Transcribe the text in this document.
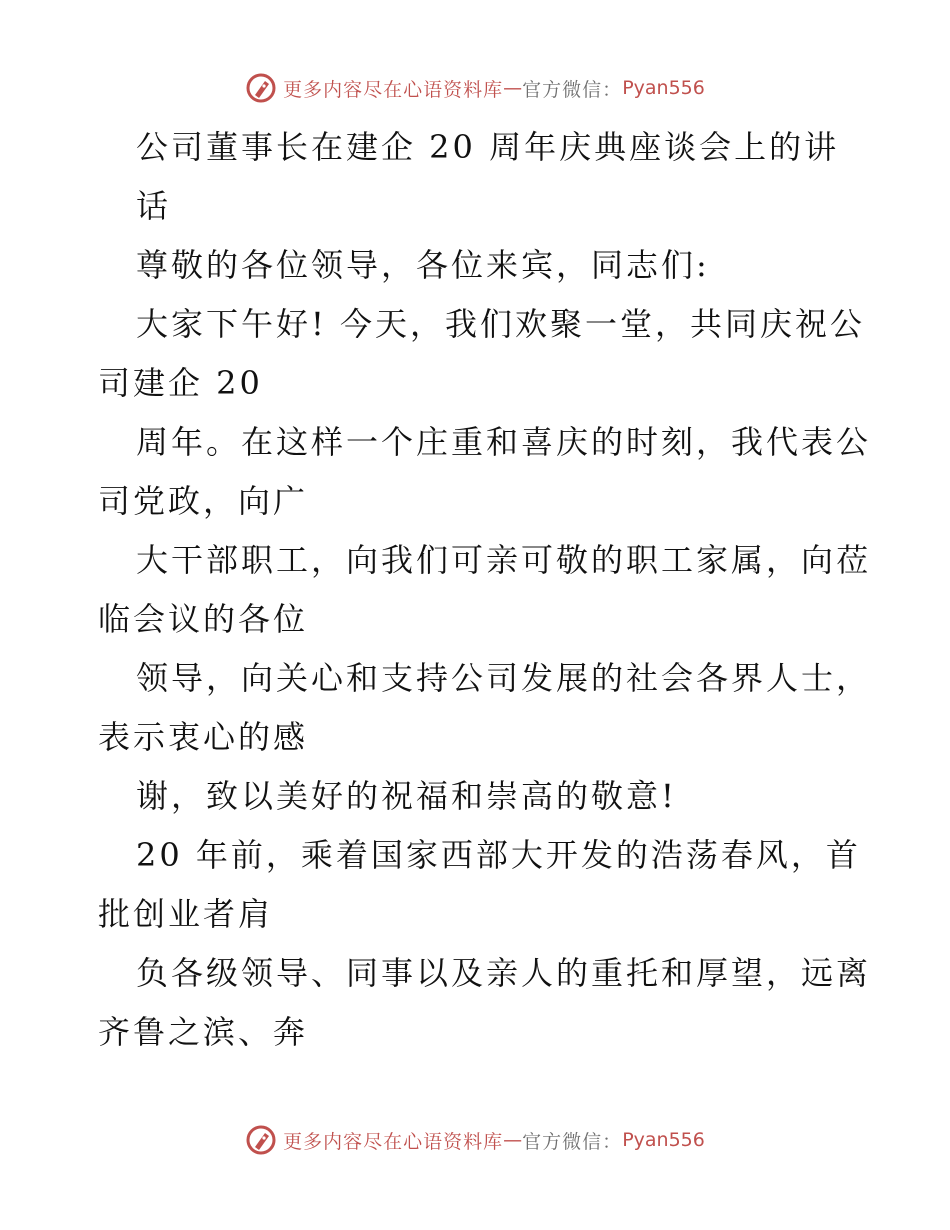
更多内容尽在心语资料库 — 官方微信： Pyan556
公司董事长在建企 20 周年庆典座谈会上的讲
话
尊敬的各位领导，各位来宾，同志们:
大家下午好! 今天，我们欢聚一堂，共同庆祝公
司建企 20
周年。在这样一个庄重和喜庆的时刻，我代表公
司党政，向广
大干部职工，向我们可亲可敬的职工家属，向莅
临会议的各位
领导，向关心和支持公司发展的社会各界人士，
表示衷心的感
谢，致以美好的祝福和崇高的敬意!
20 年前，乘着国家西部大开发的浩荡春风，首
批创业者肩
负各级领导、同事以及亲人的重托和厚望，远离
齐鲁之滨、奔
更多内容尽在心语资料库 — 官方微信： Pyan556
